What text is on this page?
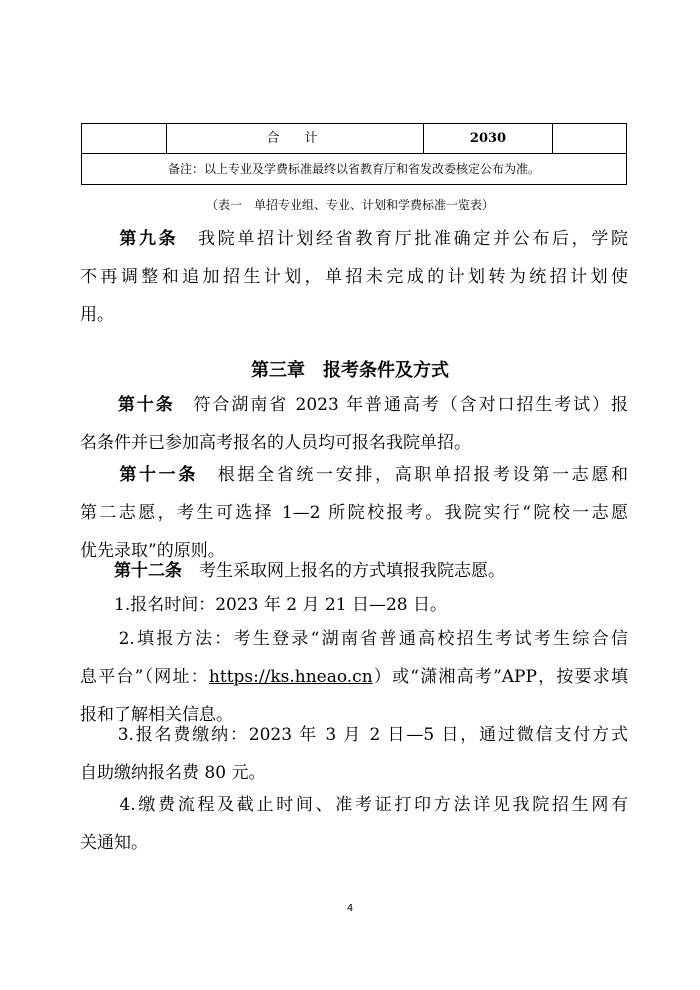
合　计	2030
备注：以上专业及学费标准最终以省教育厅和省发改委核定公布为准。
（表一　单招专业组、专业、计划和学费标准一览表）
　　第九条　 我院单招计划经省教育厅批准确定并公布后，学院
不再调整和追加招生计划，单招未完成的计划转为统招计划使
用。
第三章　报考条件及方式
　　第十条　 符合湖南省 2023 年普通高考（含对口招生考试）报
名条件并已参加高考报名的人员均可报名我院单招。
　　第十一条　 根据全省统一安排，高职单招报考设第一志愿和
第二志愿，考生可选择 1—2 所院校报考。我院实行“院校一志愿
优先录取”的原则。
　　第十二条　 考生采取网上报名的方式填报我院志愿。
　　1.报名时间：2023 年 2 月 21 日—28 日。
　　2.填报方法：考生登录“湖南省普通高校招生考试考生综合信
息平台”（网址：https://ks.hneao.cn）或“潇湘高考”APP，按要求填
报和了解相关信息。
　　3.报名费缴纳：2023 年 3 月 2 日—5 日，通过微信支付方式
自助缴纳报名费 80 元。
　　4.缴费流程及截止时间、准考证打印方法详见我院招生网有
关通知。
4
